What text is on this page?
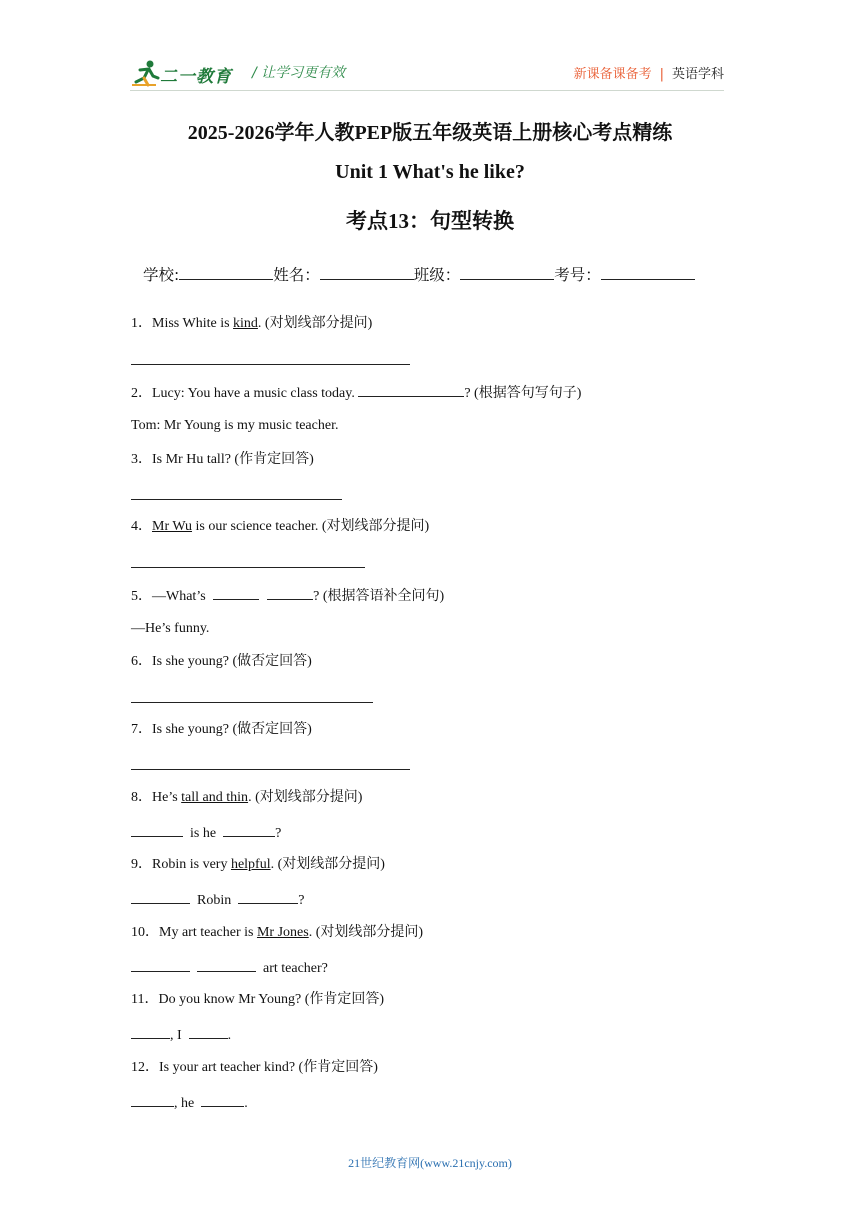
二一教育 / 让学习更有效	新课备课备考 | 英语学科
2025-2026学年人教PEP版五年级英语上册核心考点精练
Unit 1 What's he like?
考点13：句型转换
学校:	姓名：	班级：	考号：
1．Miss White is kind. (对划线部分提问)
2．Lucy: You have a music class today.	? (根据答句写句子)
Tom: Mr Young is my music teacher.
3．Is Mr Hu tall? (作肯定回答)
4．Mr Wu is our science teacher. (对划线部分提问)
5．—What’s	? (根据答语补全问句)
—He’s funny.
6．Is she young? (做否定回答)
7．Is she young? (做否定回答)
8．He’s tall and thin. (对划线部分提问)
is he	?
9．Robin is very helpful. (对划线部分提问)
Robin	?
10．My art teacher is Mr Jones. (对划线部分提问)
art teacher?
11．Do you know Mr Young? (作肯定回答)
, I	.
12．Is your art teacher kind? (作肯定回答)
, he	.
21世纪教育网(www.21cnjy.com)
